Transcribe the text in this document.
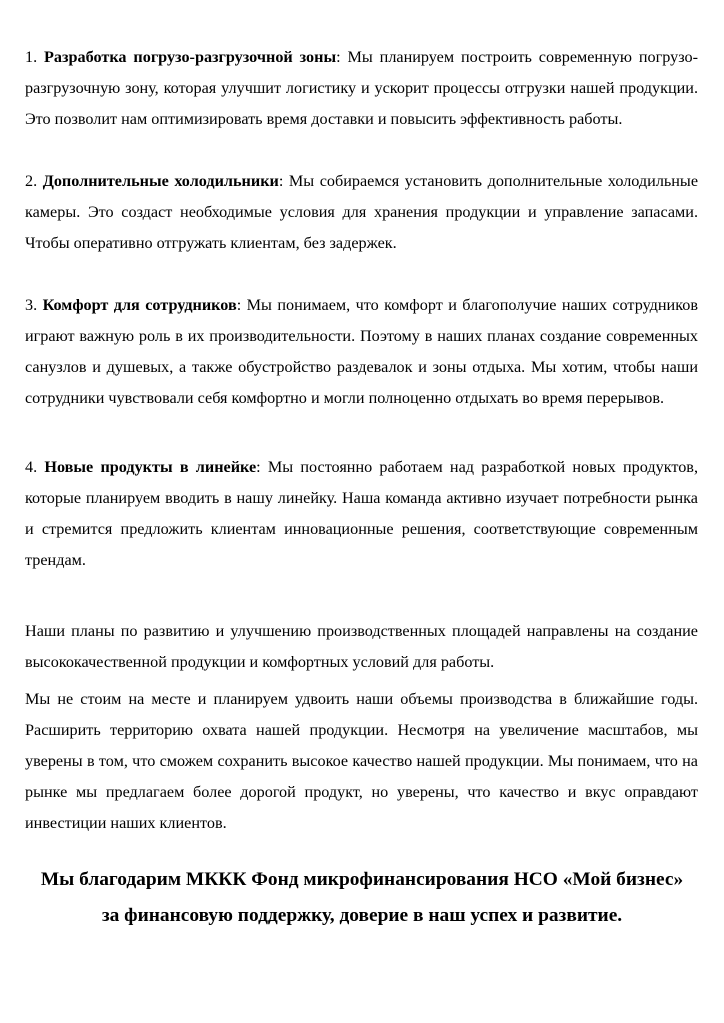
1. Разработка погрузо-разгрузочной зоны: Мы планируем построить современную погрузо-разгрузочную зону, которая улучшит логистику и ускорит процессы отгрузки нашей продукции. Это позволит нам оптимизировать время доставки и повысить эффективность работы.

2. Дополнительные холодильники: Мы собираемся установить дополнительные холодильные камеры. Это создаст необходимые условия для хранения продукции и управление запасами. Чтобы оперативно отгружать клиентам, без задержек.

3. Комфорт для сотрудников: Мы понимаем, что комфорт и благополучие наших сотрудников играют важную роль в их производительности. Поэтому в наших планах создание современных санузлов и душевых, а также обустройство раздевалок и зоны отдыха. Мы хотим, чтобы наши сотрудники чувствовали себя комфортно и могли полноценно отдыхать во время перерывов.

4. Новые продукты в линейке: Мы постоянно работаем над разработкой новых продуктов, которые планируем вводить в нашу линейку. Наша команда активно изучает потребности рынка и стремится предложить клиентам инновационные решения, соответствующие современным трендам.

Наши планы по развитию и улучшению производственных площадей направлены на создание высококачественной продукции и комфортных условий для работы.

Мы не стоим на месте и планируем удвоить наши объемы производства в ближайшие годы. Расширить территорию охвата нашей продукции. Несмотря на увеличение масштабов, мы уверены в том, что сможем сохранить высокое качество нашей продукции. Мы понимаем, что на рынке мы предлагаем более дорогой продукт, но уверены, что качество и вкус оправдают инвестиции наших клиентов.

Мы благодарим МККК Фонд микрофинансирования НСО «Мой бизнес»
за финансовую поддержку, доверие в наш успех и развитие.
